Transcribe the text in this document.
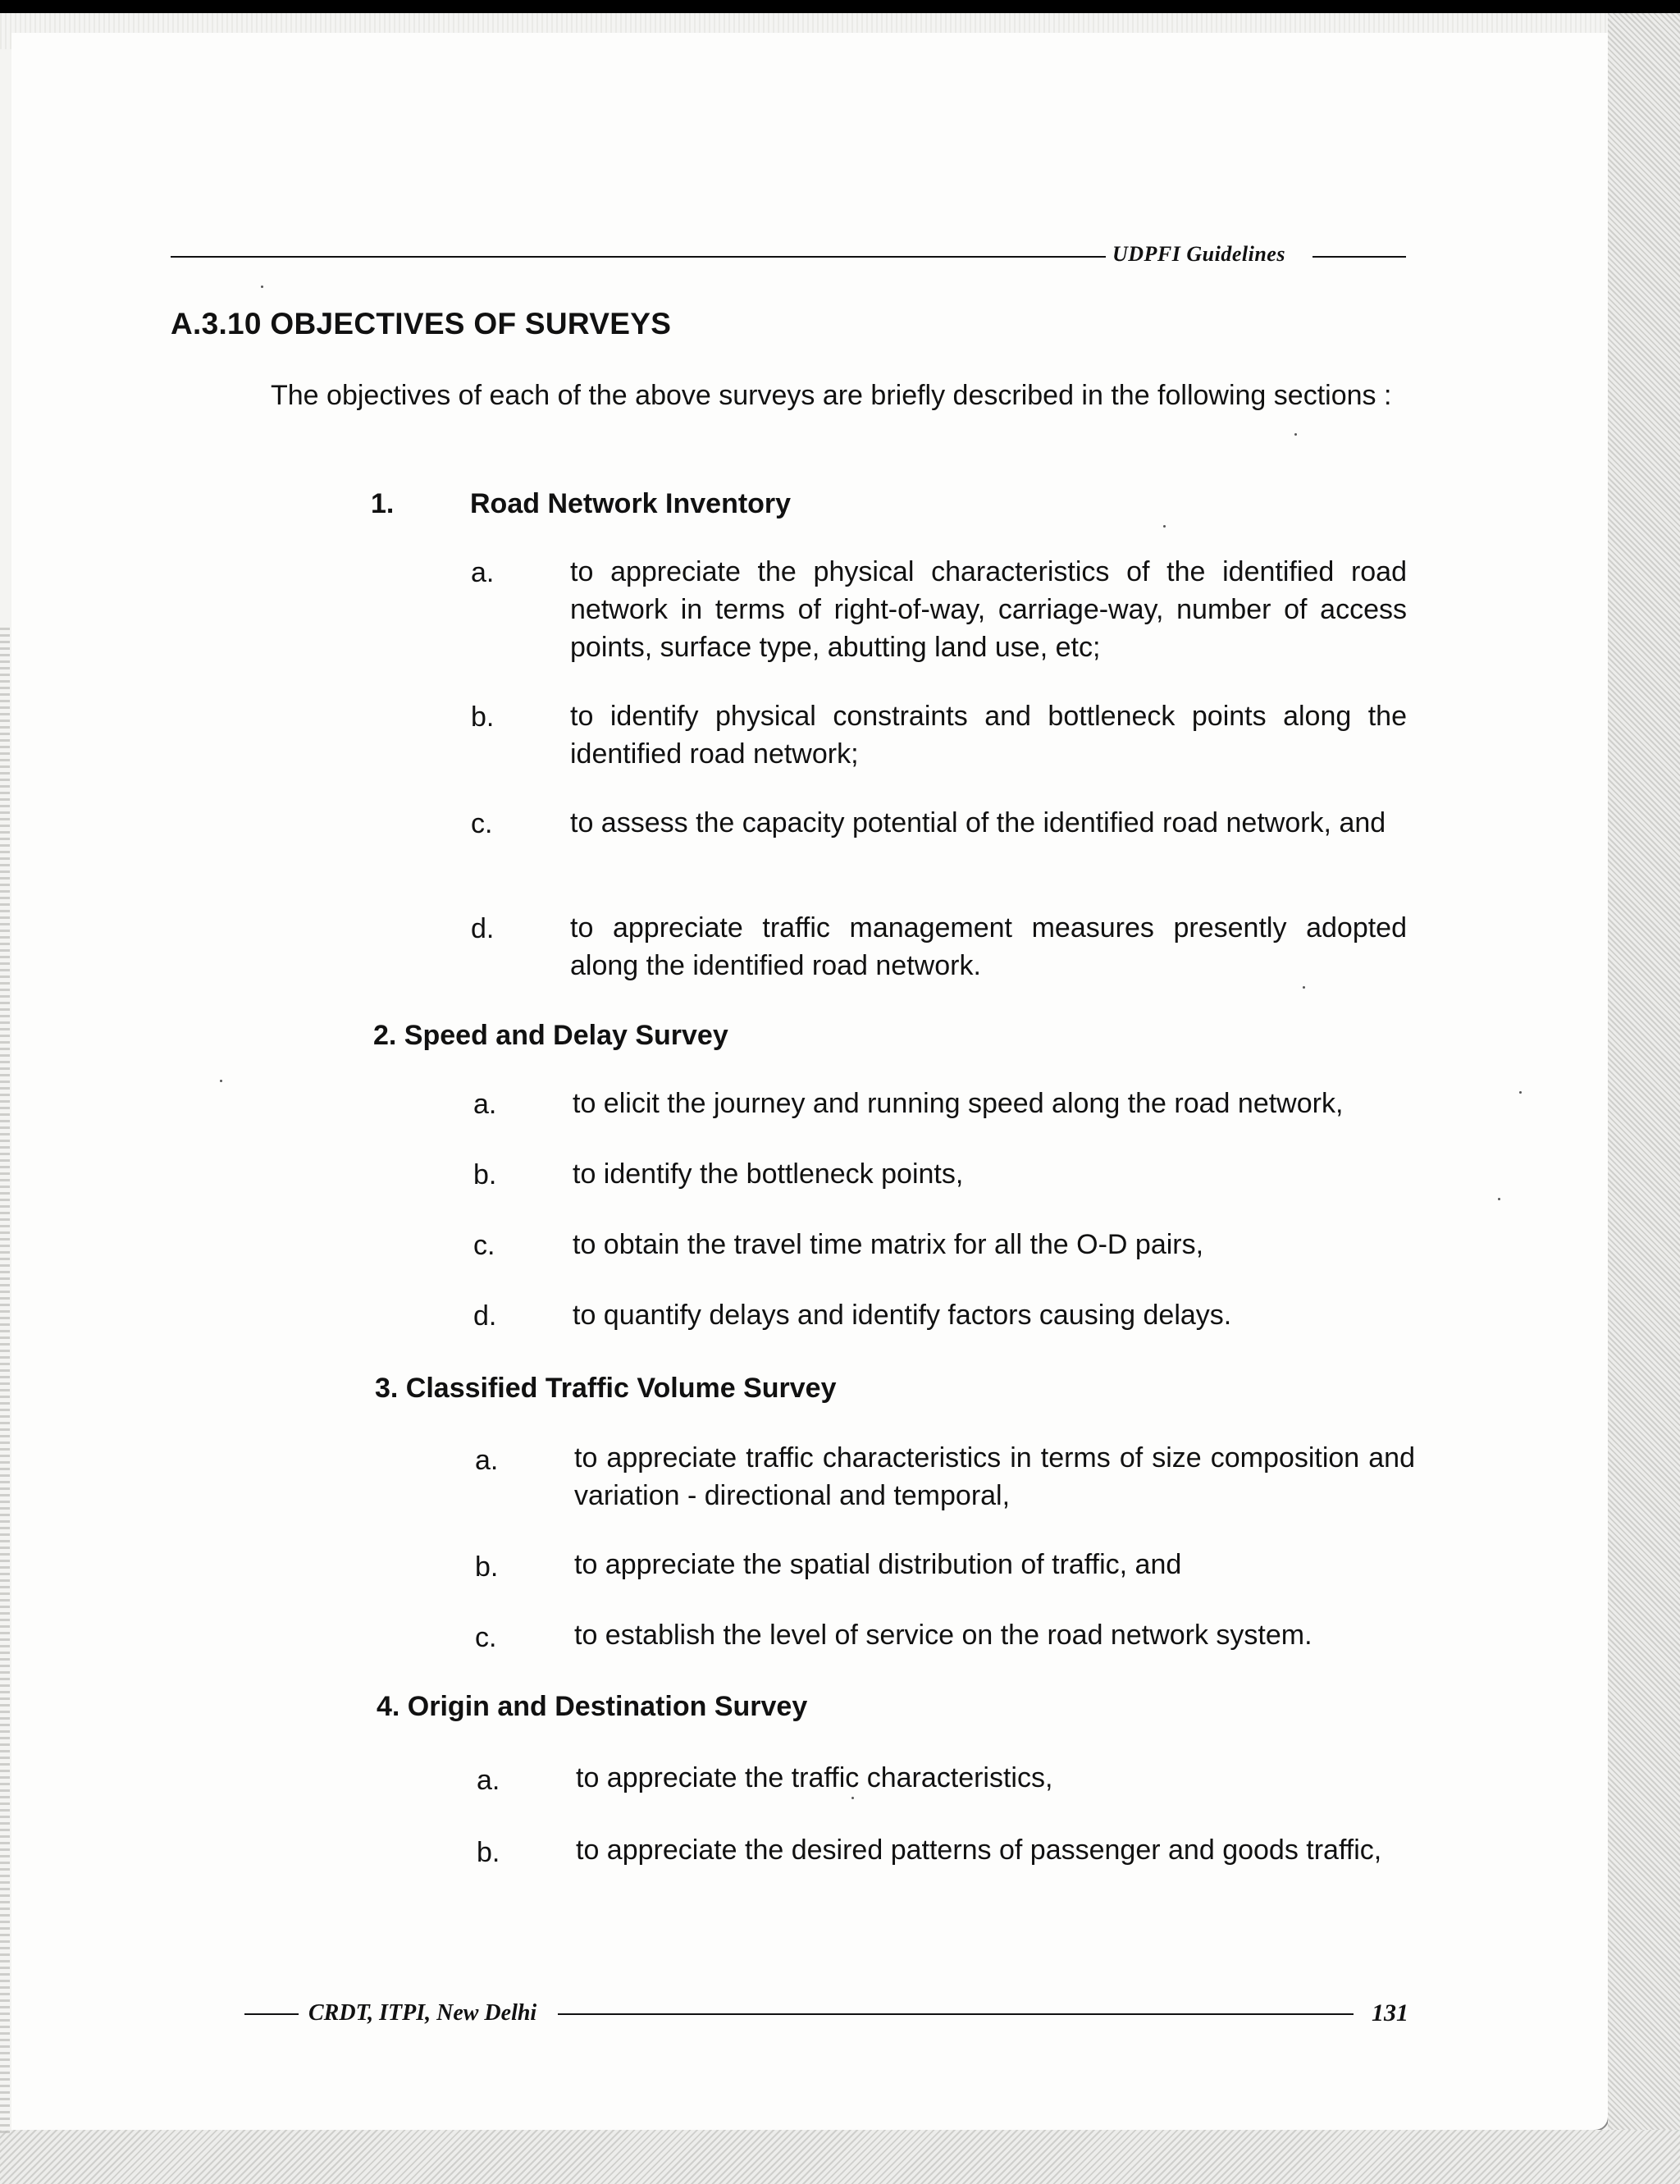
UDPFI Guidelines
A.3.10 OBJECTIVES OF SURVEYS
The objectives of each of the above surveys are briefly described in the following sections :
1.	Road Network Inventory
a.	to appreciate the physical characteristics of the identified road network in terms of right-of-way, carriage-way, number of access points, surface type, abutting land use, etc;
b.	to identify physical constraints and bottleneck points along the identified road network;
c.	to assess the capacity potential of the identified road network, and
d.	to appreciate traffic management measures presently adopted along the identified road network.
2. Speed and Delay Survey
a.	to elicit the journey and running speed along the road network,
b.	to identify the bottleneck points,
c.	to obtain the travel time matrix for all the O-D pairs,
d.	to quantify delays and identify factors causing delays.
3. Classified Traffic Volume Survey
a.	to appreciate traffic characteristics in terms of size composition and variation - directional and temporal,
b.	to appreciate the spatial distribution of traffic, and
c.	to establish the level of service on the road network system.
4. Origin and Destination Survey
a.	to appreciate the traffic characteristics,
b.	to appreciate the desired patterns of passenger and goods traffic,
CRDT, ITPI, New Delhi	131
